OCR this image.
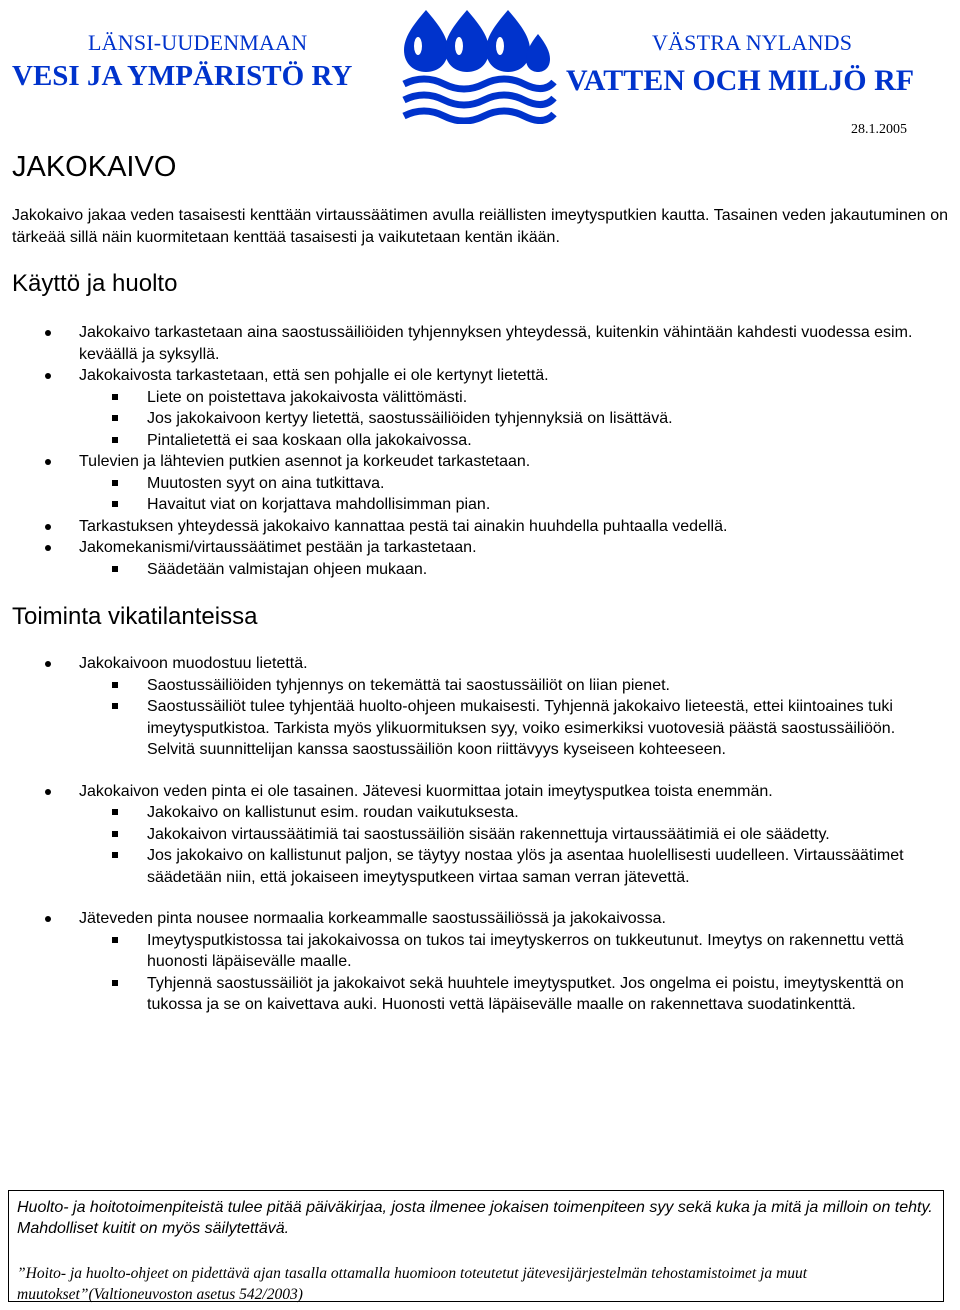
LÄNSI-UUDENMAAN
VESI JA YMPÄRISTÖ RY
VÄSTRA NYLANDS
VATTEN OCH MILJÖ RF
28.1.2005
JAKOKAIVO

Jakokaivo jakaa veden tasaisesti kenttään virtaussäätimen avulla reiällisten imeytysputkien kautta. Tasainen veden jakautuminen on tärkeää sillä näin kuormitetaan kenttää tasaisesti ja vaikutetaan kentän ikään.

Käyttö ja huolto
Jakokaivo tarkastetaan aina saostussäiliöiden tyhjennyksen yhteydessä, kuitenkin vähintään kahdesti vuodessa esim. keväällä ja syksyllä.
Jakokaivosta tarkastetaan, että sen pohjalle ei ole kertynyt lietettä.
Liete on poistettava jakokaivosta välittömästi.
Jos jakokaivoon kertyy lietettä, saostussäiliöiden tyhjennyksiä on lisättävä.
Pintalietettä ei saa koskaan olla jakokaivossa.
Tulevien ja lähtevien putkien asennot ja korkeudet tarkastetaan.
Muutosten syyt on aina tutkittava.
Havaitut viat on korjattava mahdollisimman pian.
Tarkastuksen yhteydessä jakokaivo kannattaa pestä tai ainakin huuhdella puhtaalla vedellä.
Jakomekanismi/virtaussäätimet pestään ja tarkastetaan.
Säädetään valmistajan ohjeen mukaan.
Toiminta vikatilanteissa
Jakokaivoon muodostuu lietettä.
Saostussäiliöiden tyhjennys on tekemättä tai saostussäiliöt on liian pienet.
Saostussäiliöt tulee tyhjentää huolto-ohjeen mukaisesti. Tyhjennä jakokaivo lieteestä, ettei kiintoaines tuki imeytysputkistoa. Tarkista myös ylikuormituksen syy, voiko esimerkiksi vuotovesiä päästä saostussäiliöön. Selvitä suunnittelijan kanssa saostussäiliön koon riittävyys kyseiseen kohteeseen.
Jakokaivon veden pinta ei ole tasainen. Jätevesi kuormittaa jotain imeytysputkea toista enemmän.
Jakokaivo on kallistunut esim. roudan vaikutuksesta.
Jakokaivon virtaussäätimiä tai saostussäiliön sisään rakennettuja virtaussäätimiä ei ole säädetty.
Jos jakokaivo on kallistunut paljon, se täytyy nostaa ylös ja asentaa huolellisesti uudelleen. Virtaussäätimet säädetään niin, että jokaiseen imeytysputkeen virtaa saman verran jätevettä.
Jäteveden pinta nousee normaalia korkeammalle saostussäiliössä ja jakokaivossa.
Imeytysputkistossa tai jakokaivossa on tukos tai imeytyskerros on tukkeutunut. Imeytys on rakennettu vettä huonosti läpäisevälle maalle.
Tyhjennä saostussäiliöt ja jakokaivot sekä huuhtele imeytysputket. Jos ongelma ei poistu, imeytyskenttä on tukossa ja se on kaivettava auki. Huonosti vettä läpäisevälle maalle on rakennettava suodatinkenttä.

Huolto- ja hoitotoimenpiteistä tulee pitää päiväkirjaa, josta ilmenee jokaisen toimenpiteen syy sekä kuka ja mitä ja milloin on tehty. Mahdolliset kuitit on myös säilytettävä.

”Hoito- ja huolto-ohjeet on pidettävä ajan tasalla ottamalla huomioon toteutetut jätevesijärjestelmän tehostamistoimet ja muut muutokset”(Valtioneuvoston asetus 542/2003)
